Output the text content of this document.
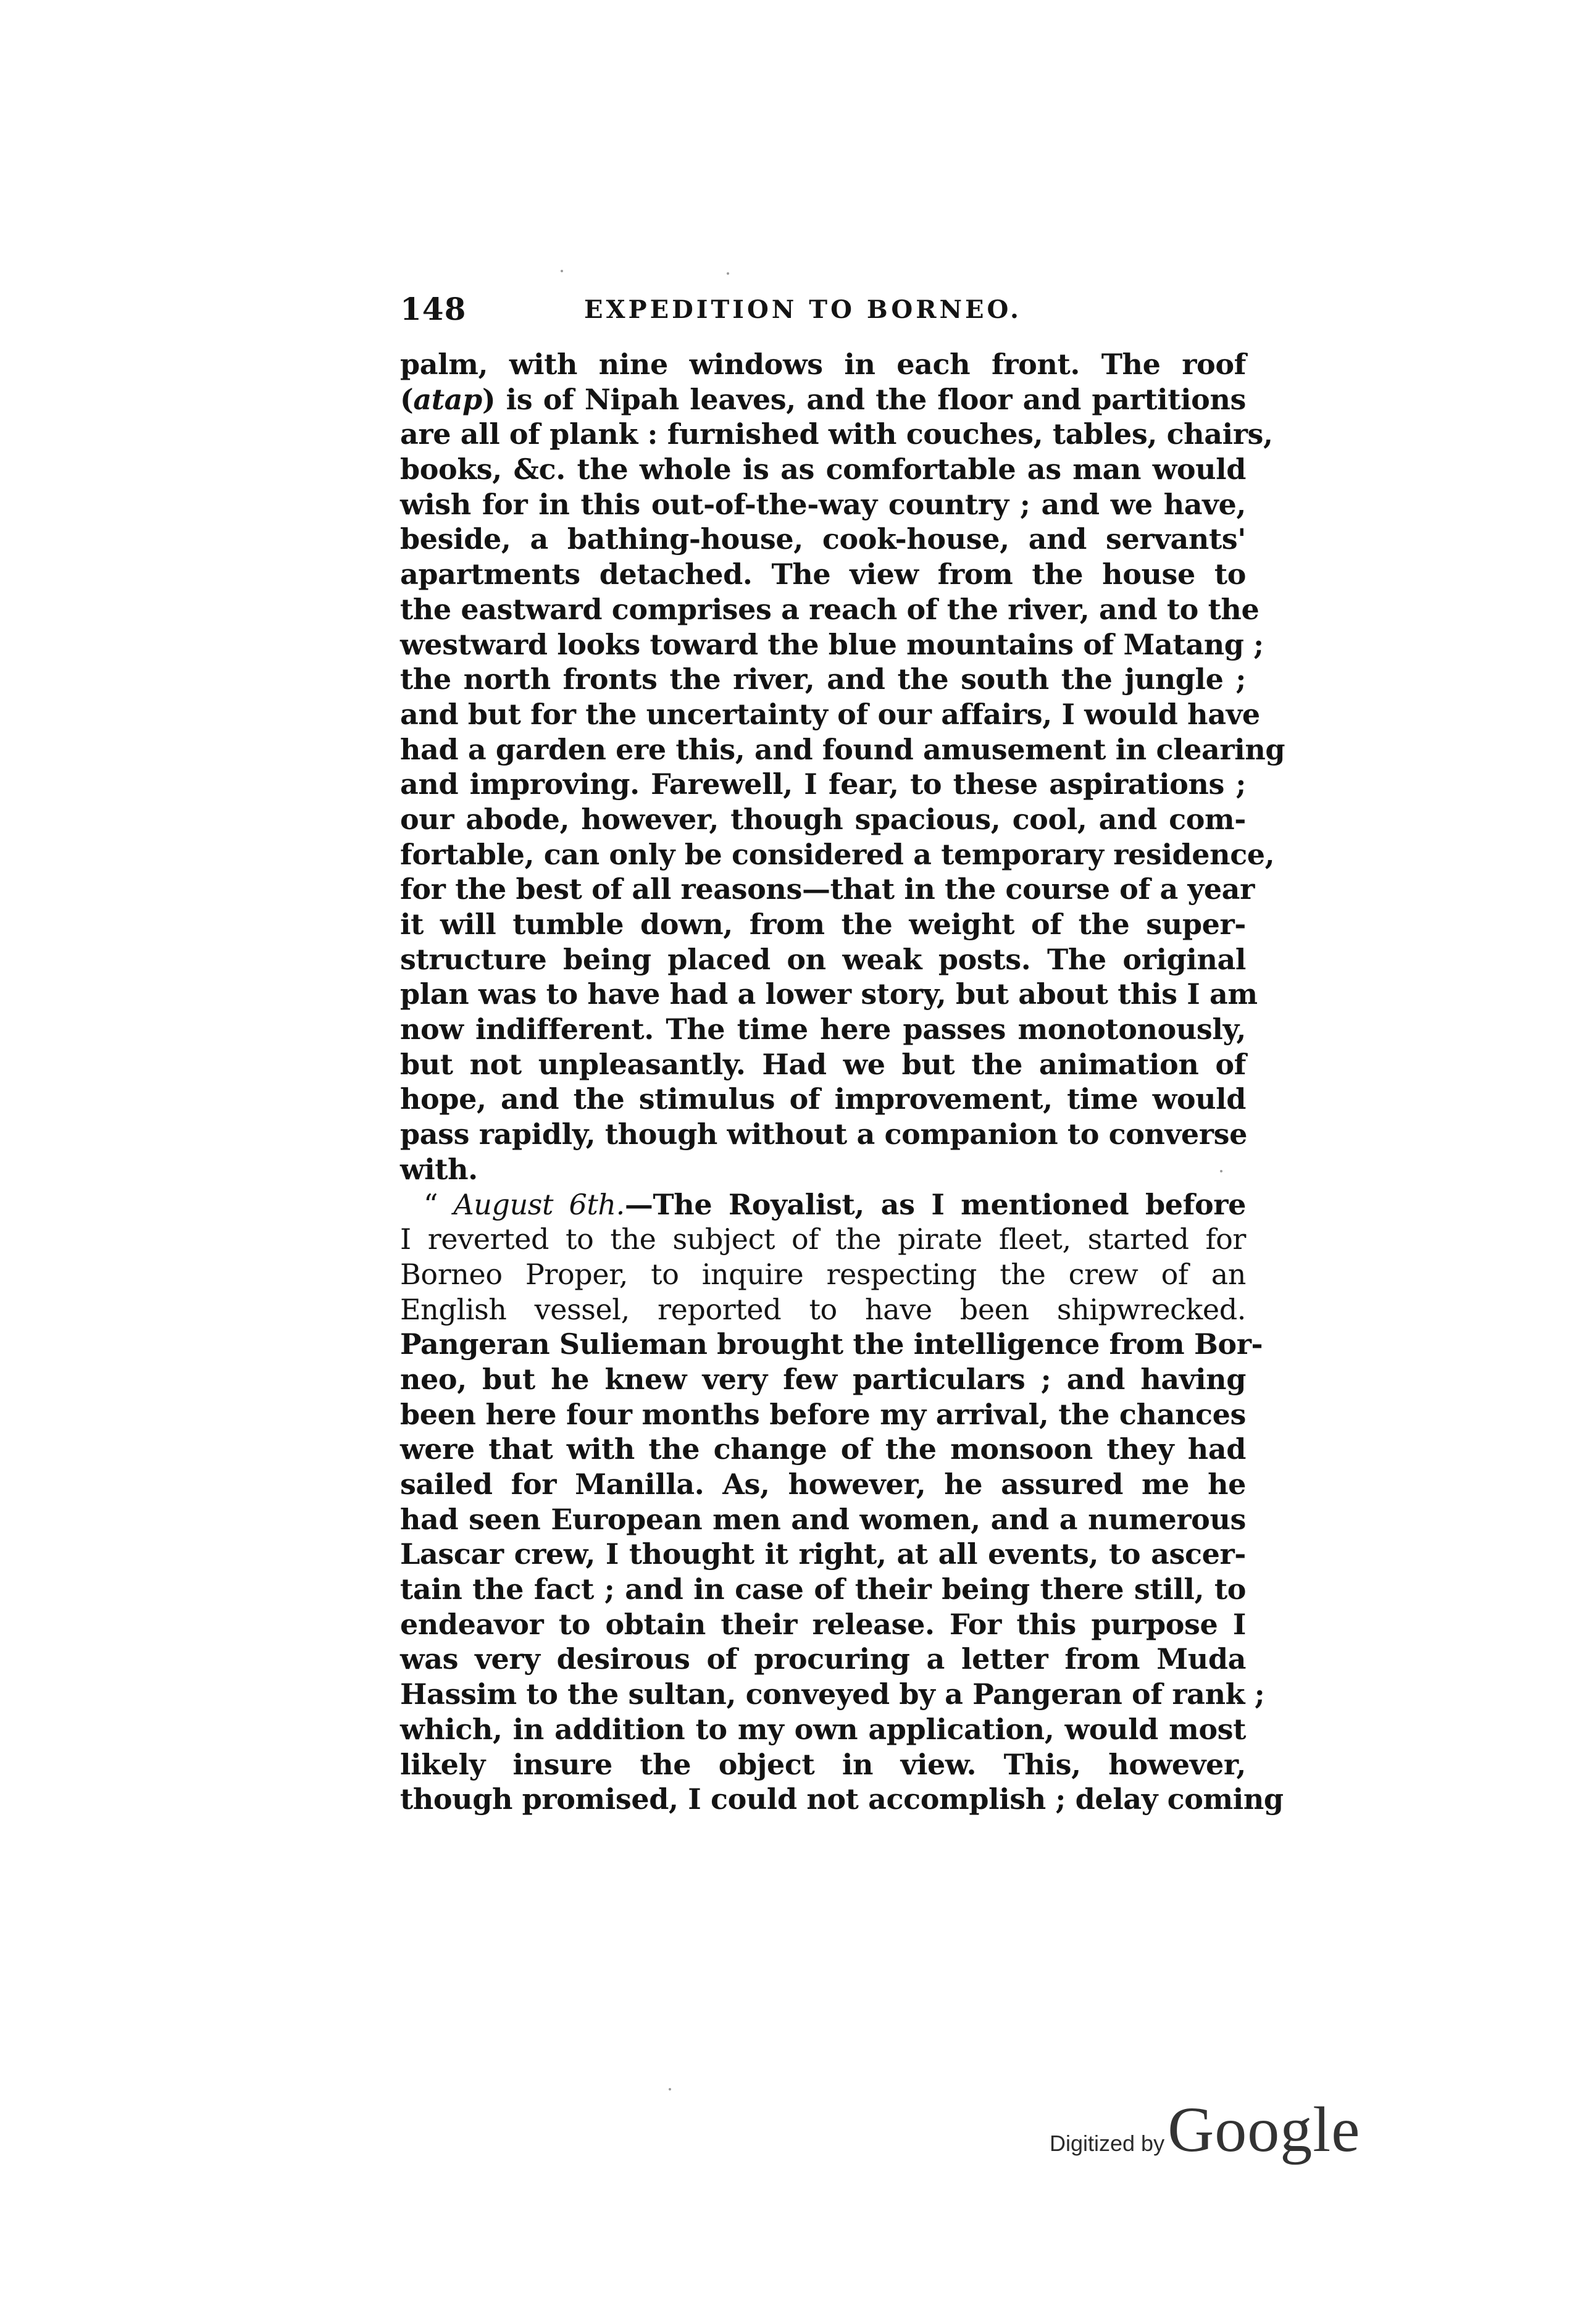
148	EXPEDITION TO BORNEO.
palm, with nine windows in each front. The roof
(atap) is of Nipah leaves, and the floor and partitions
are all of plank : furnished with couches, tables, chairs,
books, &c. the whole is as comfortable as man would
wish for in this out-of-the-way country ; and we have,
beside, a bathing-house, cook-house, and servants'
apartments detached. The view from the house to
the eastward comprises a reach of the river, and to the
westward looks toward the blue mountains of Matang ;
the north fronts the river, and the south the jungle ;
and but for the uncertainty of our affairs, I would have
had a garden ere this, and found amusement in clearing
and improving. Farewell, I fear, to these aspirations ;
our abode, however, though spacious, cool, and com-
fortable, can only be considered a temporary residence,
for the best of all reasons—that in the course of a year
it will tumble down, from the weight of the super-
structure being placed on weak posts. The original
plan was to have had a lower story, but about this I am
now indifferent. The time here passes monotonously,
but not unpleasantly. Had we but the animation of
hope, and the stimulus of improvement, time would
pass rapidly, though without a companion to converse
with.
“ August 6th.—The Royalist, as I mentioned before
I reverted to the subject of the pirate fleet, started for
Borneo Proper, to inquire respecting the crew of an
English vessel, reported to have been shipwrecked.
Pangeran Sulieman brought the intelligence from Bor-
neo, but he knew very few particulars ; and having
been here four months before my arrival, the chances
were that with the change of the monsoon they had
sailed for Manilla. As, however, he assured me he
had seen European men and women, and a numerous
Lascar crew, I thought it right, at all events, to ascer-
tain the fact ; and in case of their being there still, to
endeavor to obtain their release. For this purpose I
was very desirous of procuring a letter from Muda
Hassim to the sultan, conveyed by a Pangeran of rank ;
which, in addition to my own application, would most
likely insure the object in view. This, however,
though promised, I could not accomplish ; delay coming
Digitized by Google
